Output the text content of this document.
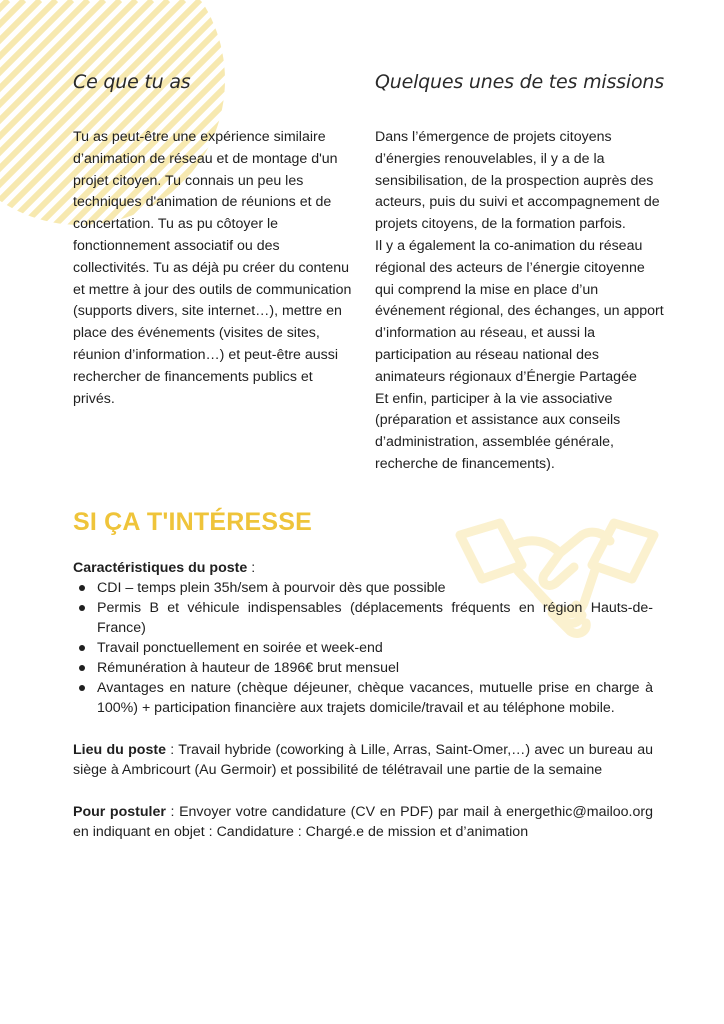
Ce que tu as

Tu as peut-être une expérience similaire d’animation de réseau et de montage d'un projet citoyen. Tu connais un peu les techniques d'animation de réunions et de concertation. Tu as pu côtoyer le fonctionnement associatif ou des collectivités. Tu as déjà pu créer du contenu et mettre à jour des outils de communication (supports divers, site internet…), mettre en place des événements (visites de sites, réunion d’information…) et peut-être aussi rechercher de financements publics et privés.

Quelques unes de tes missions

Dans l’émergence de projets citoyens d’énergies renouvelables, il y a de la sensibilisation, de la prospection auprès des acteurs, puis du suivi et accompagnement de projets citoyens, de la formation parfois.

Il y a également la co-animation du réseau régional des acteurs de l’énergie citoyenne qui comprend la mise en place d’un événement régional, des échanges, un apport d’information au réseau, et aussi la participation au réseau national des animateurs régionaux d’Énergie Partagée

Et enfin, participer à la vie associative (préparation et assistance aux conseils d’administration, assemblée générale, recherche de financements).

SI ÇA T'INTÉRESSE

Caractéristiques du poste :

CDI – temps plein 35h/sem à pourvoir dès que possible
Permis B et véhicule indispensables (déplacements fréquents en région Hauts-de-France)
Travail ponctuellement en soirée et week-end
Rémunération à hauteur de 1896€ brut mensuel
Avantages en nature (chèque déjeuner, chèque vacances, mutuelle prise en charge à 100%) + participation financière aux trajets domicile/travail et au téléphone mobile.

Lieu du poste : Travail hybride (coworking à Lille, Arras, Saint-Omer,…) avec un bureau au siège à Ambricourt (Au Germoir) et possibilité de télétravail une partie de la semaine

Pour postuler : Envoyer votre candidature (CV en PDF) par mail à energethic@mailoo.org en indiquant en objet : Candidature : Chargé.e de mission et d’animation
